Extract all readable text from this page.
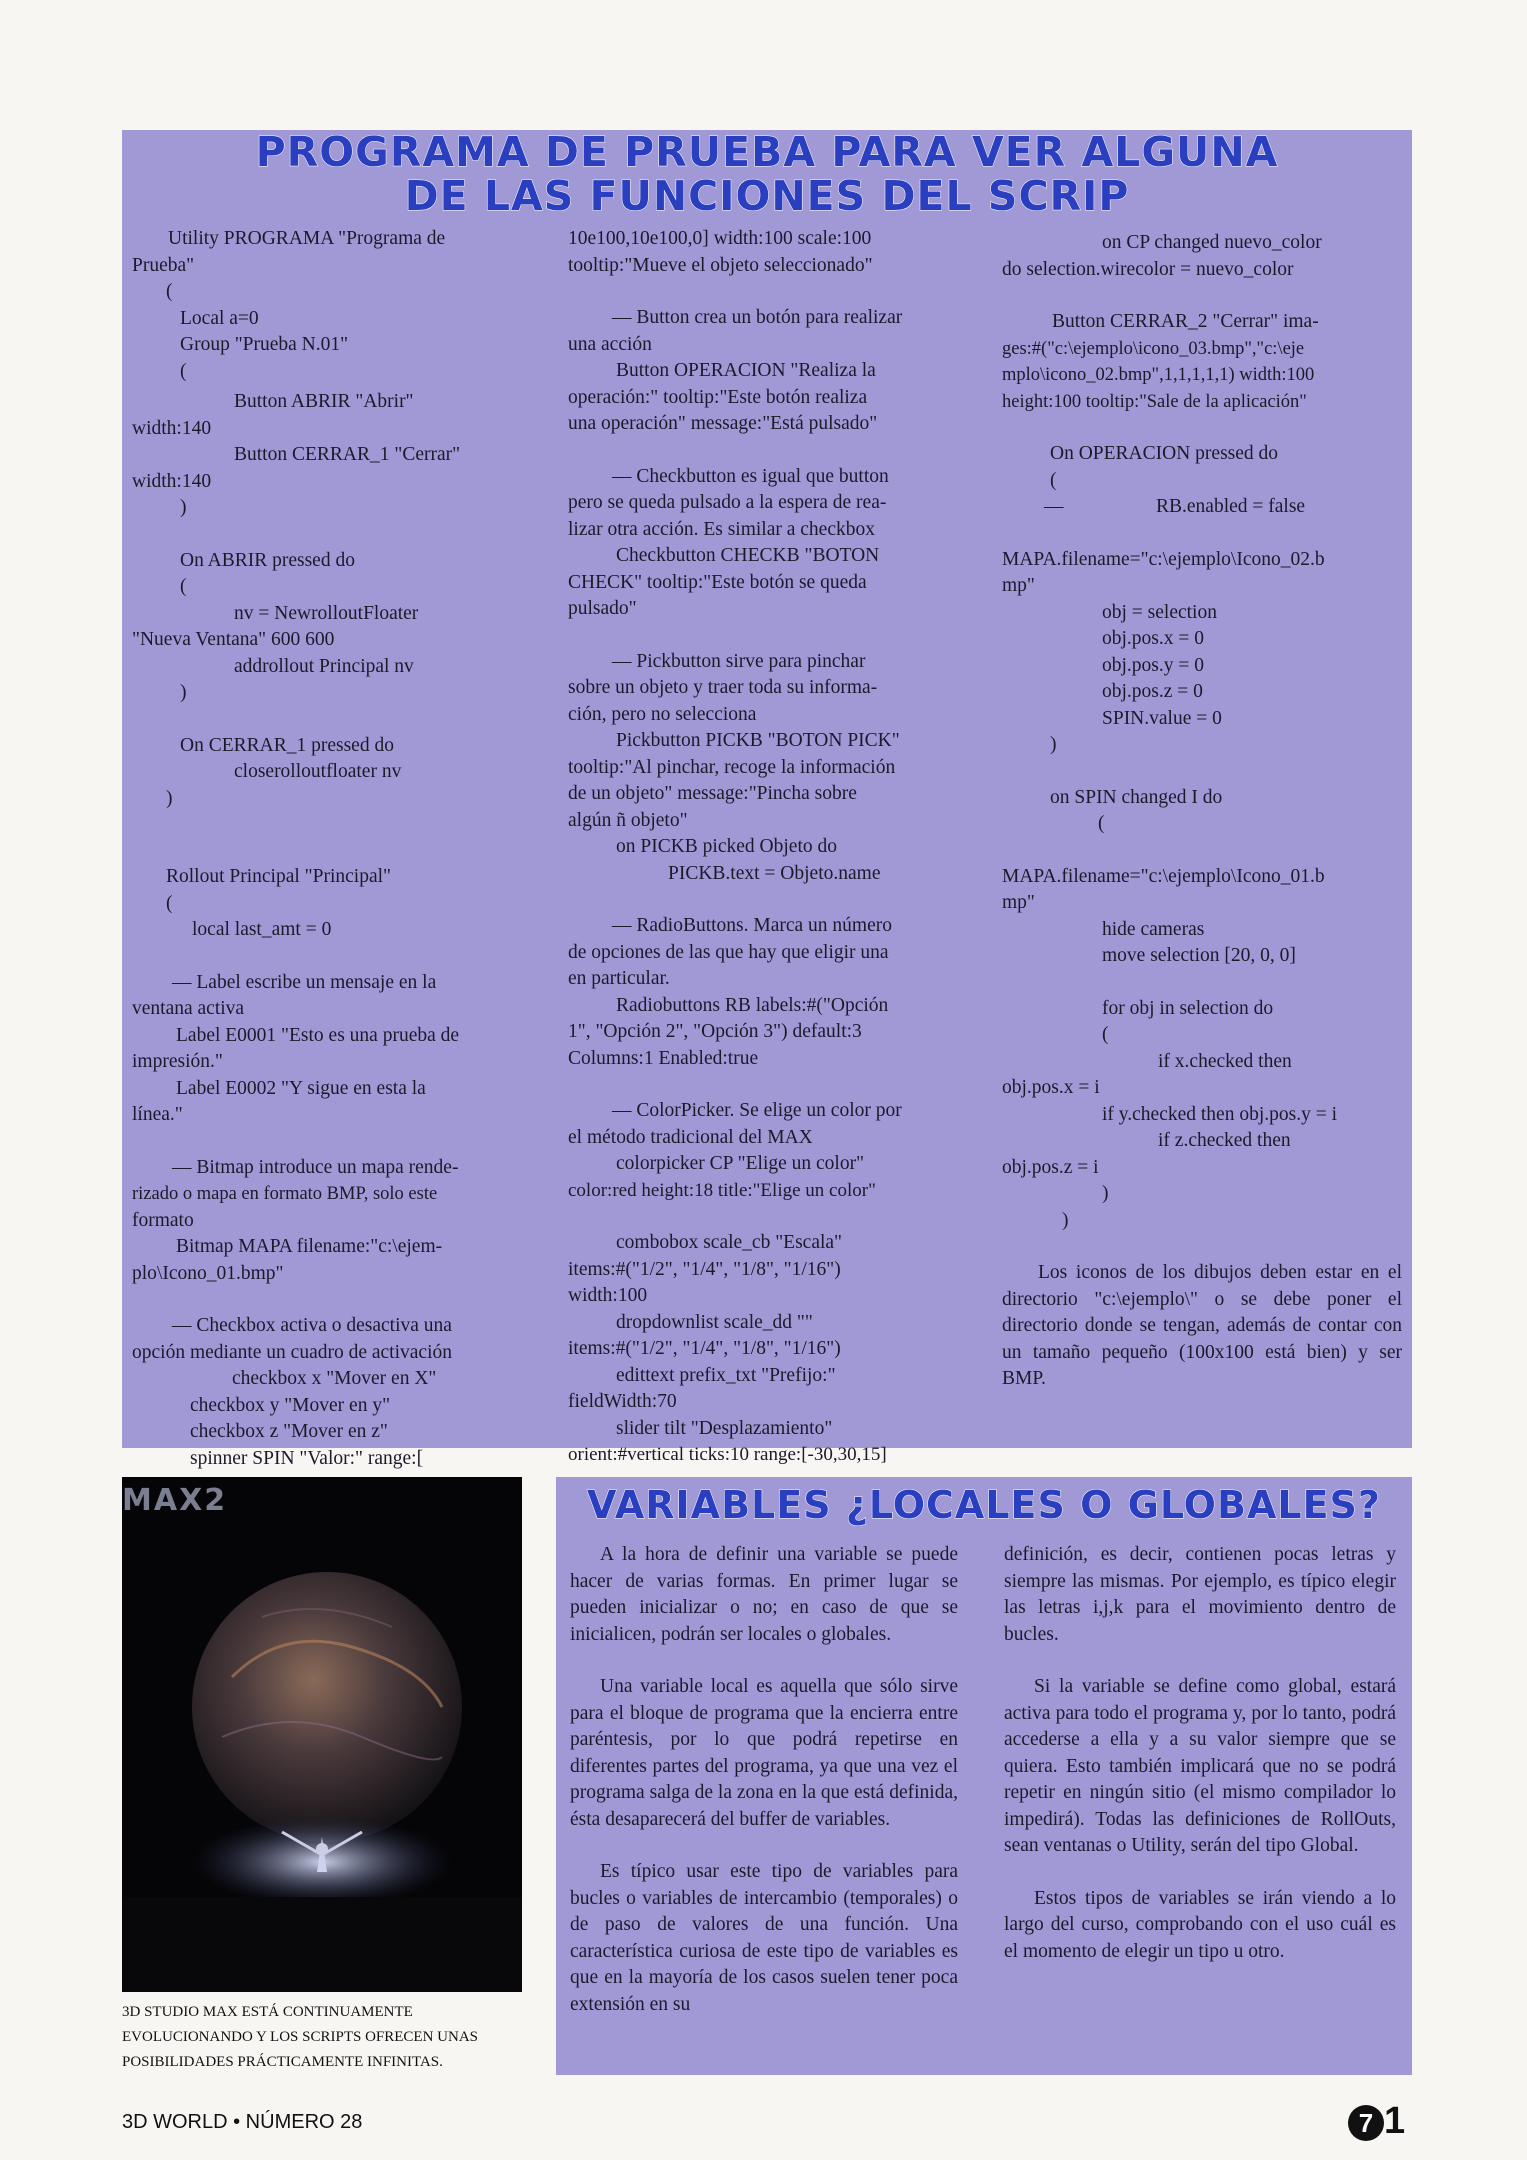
PROGRAMA DE PRUEBA PARA VER ALGUNA
DE LAS FUNCIONES DEL SCRIP
Utility PROGRAMA "Programa de
Prueba"
(
Local a=0
Group "Prueba N.01"
(
Button ABRIR "Abrir"
width:140
Button CERRAR_1 "Cerrar"
width:140
)
On ABRIR pressed do
(
nv = NewrolloutFloater
"Nueva Ventana" 600 600
addrollout Principal nv
)
On CERRAR_1 pressed do
closerolloutfloater nv
)
Rollout Principal "Principal"
(
local last_amt = 0
— Label escribe un mensaje en la
ventana activa
Label E0001 "Esto es una prueba de
impresión."
Label E0002 "Y sigue en esta la
línea."
— Bitmap introduce un mapa rende-
rizado o mapa en formato BMP, solo este
formato
Bitmap MAPA filename:"c:\ejem-
plo\Icono_01.bmp"
— Checkbox activa o desactiva una
opción mediante un cuadro de activación
checkbox x "Mover en X"
checkbox y "Mover en y"
checkbox z "Mover en z"
spinner SPIN "Valor:" range:[
10e100,10e100,0] width:100 scale:100
tooltip:"Mueve el objeto seleccionado"
— Button crea un botón para realizar
una acción
Button OPERACION "Realiza la
operación:" tooltip:"Este botón realiza
una operación" message:"Está pulsado"
— Checkbutton es igual que button
pero se queda pulsado a la espera de rea-
lizar otra acción. Es similar a checkbox
Checkbutton CHECKB "BOTON
CHECK" tooltip:"Este botón se queda
pulsado"
— Pickbutton sirve para pinchar
sobre un objeto y traer toda su informa-
ción, pero no selecciona
Pickbutton PICKB "BOTON PICK"
tooltip:"Al pinchar, recoge la información
de un objeto" message:"Pincha sobre
algún ñ objeto"
on PICKB picked Objeto do
PICKB.text = Objeto.name
— RadioButtons. Marca un número
de opciones de las que hay que eligir una
en particular.
Radiobuttons RB labels:#("Opción
1", "Opción 2", "Opción 3") default:3
Columns:1 Enabled:true
— ColorPicker. Se elige un color por
el método tradicional del MAX
colorpicker CP "Elige un color"
color:red height:18 title:"Elige un color"
combobox scale_cb "Escala"
items:#("1/2", "1/4", "1/8", "1/16")
width:100
dropdownlist scale_dd ""
items:#("1/2", "1/4", "1/8", "1/16")
edittext prefix_txt "Prefijo:"
fieldWidth:70
slider tilt "Desplazamiento"
orient:#vertical ticks:10 range:[-30,30,15]
on CP changed nuevo_color
do selection.wirecolor = nuevo_color
Button CERRAR_2 "Cerrar" ima-
ges:#("c:\ejemplo\icono_03.bmp","c:\eje
mplo\icono_02.bmp",1,1,1,1,1) width:100
height:100 tooltip:"Sale de la aplicación"
On OPERACION pressed do
(
—	RB.enabled = false
MAPA.filename="c:\ejemplo\Icono_02.b
mp"
obj = selection
obj.pos.x = 0
obj.pos.y = 0
obj.pos.z = 0
SPIN.value = 0
)
on SPIN changed I do
(
MAPA.filename="c:\ejemplo\Icono_01.b
mp"
hide cameras
move selection [20, 0, 0]
for obj in selection do
(
if x.checked then
obj.pos.x = i
if y.checked then obj.pos.y = i
if z.checked then
obj.pos.z = i
)
)

Los iconos de los dibujos deben estar en el directorio "c:\ejemplo\" o se debe poner el directorio donde se tengan, además de contar con un tamaño pequeño (100x100 está bien) y ser BMP.

MAX2
3D STUDIO MAX ESTÁ CONTINUAMENTE EVOLUCIONANDO Y LOS SCRIPTS OFRECEN UNAS POSIBILIDADES PRÁCTICAMENTE INFINITAS.
VARIABLES ¿LOCALES O GLOBALES?

A la hora de definir una variable se puede hacer de varias formas. En primer lugar se pueden inicializar o no; en caso de que se inicialicen, podrán ser locales o globales.

Una variable local es aquella que sólo sirve para el bloque de programa que la encierra entre paréntesis, por lo que podrá repetirse en diferentes partes del programa, ya que una vez el programa salga de la zona en la que está definida, ésta desaparecerá del buffer de variables.

Es típico usar este tipo de variables para bucles o variables de intercambio (temporales) o de paso de valores de una función. Una característica curiosa de este tipo de variables es que en la mayoría de los casos suelen tener poca extensión en su

definición, es decir, contienen pocas letras y siempre las mismas. Por ejemplo, es típico elegir las letras i,j,k para el movimiento dentro de bucles.

Si la variable se define como global, estará activa para todo el programa y, por lo tanto, podrá accederse a ella y a su valor siempre que se quiera. Esto también implicará que no se podrá repetir en ningún sitio (el mismo compilador lo impedirá). Todas las definiciones de RollOuts, sean ventanas o Utility, serán del tipo Global.

Estos tipos de variables se irán viendo a lo largo del curso, comprobando con el uso cuál es el momento de elegir un tipo u otro.

3D WORLD • NÚMERO 28	7 1
